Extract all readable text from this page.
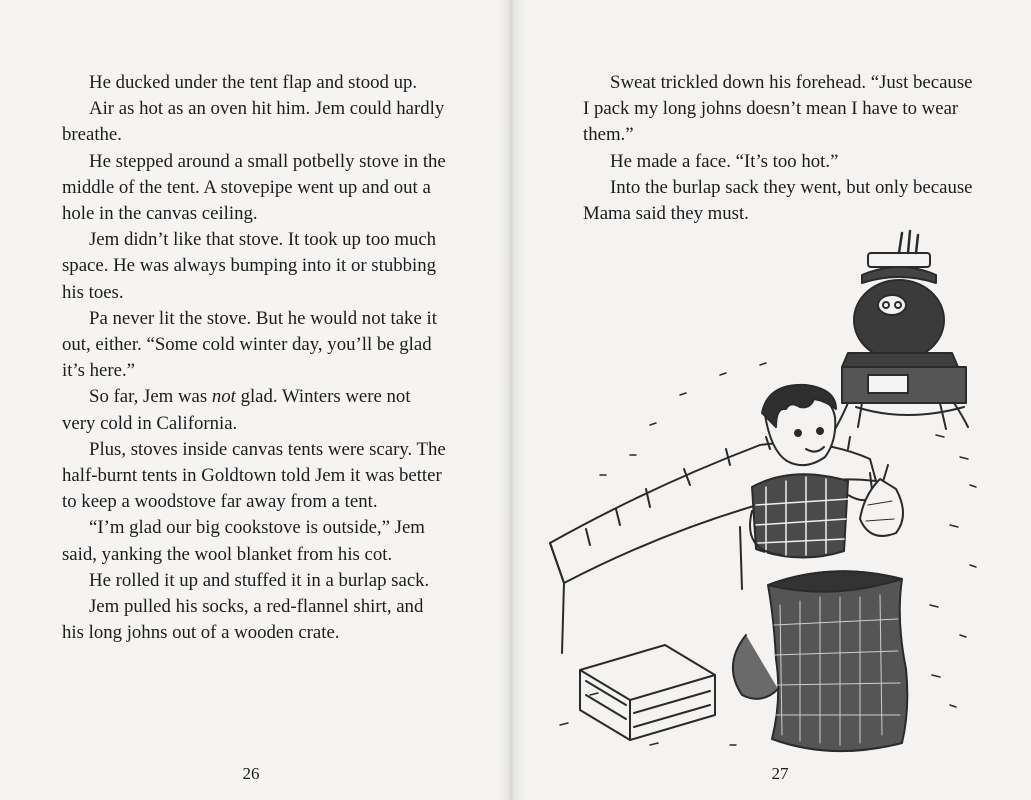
He ducked under the tent flap and stood up.

Air as hot as an oven hit him. Jem could hardly breathe.

He stepped around a small potbelly stove in the middle of the tent. A stovepipe went up and out a hole in the canvas ceiling.

Jem didn’t like that stove. It took up too much space. He was always bumping into it or stubbing his toes.

Pa never lit the stove. But he would not take it out, either. “Some cold winter day, you’ll be glad it’s here.”

So far, Jem was not glad. Winters were not very cold in California.

Plus, stoves inside canvas tents were scary. The half-burnt tents in Goldtown told Jem it was better to keep a woodstove far away from a tent.

“I’m glad our big cookstove is outside,” Jem said, yanking the wool blanket from his cot.

He rolled it up and stuffed it in a burlap sack.

Jem pulled his socks, a red-flannel shirt, and his long johns out of a wooden crate.

26

Sweat trickled down his forehead. “Just because I pack my long johns doesn’t mean I have to wear them.”

He made a face. “It’s too hot.”

Into the burlap sack they went, but only because Mama said they must.

27
